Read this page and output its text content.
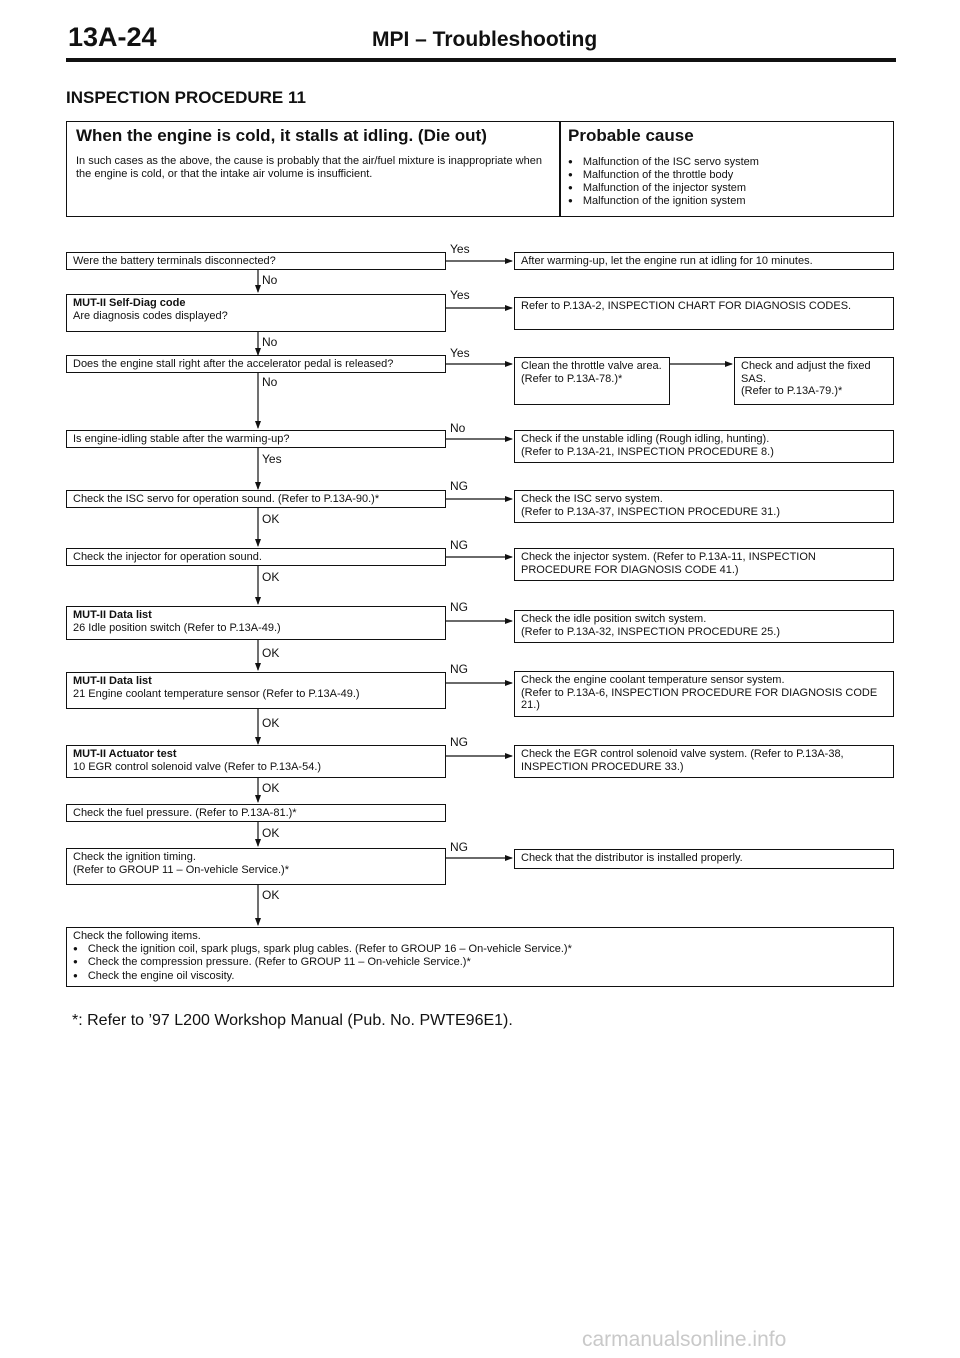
13A-24	MPI – Troubleshooting
INSPECTION PROCEDURE 11
When the engine is cold, it stalls at idling. (Die out)
In such cases as the above, the cause is probably that the air/fuel mixture is inappropriate when the engine is cold, or that the intake air volume is insufficient.
Probable cause
● Malfunction of the ISC servo system
● Malfunction of the throttle body
● Malfunction of the injector system
● Malfunction of the ignition system
Yes
No
Yes
No
Yes
No
No
Yes
NG
OK
NG
OK
NG
OK
NG
OK
NG
OK
OK
NG
OK
Were the battery terminals disconnected?
MUT-II Self-Diag code
Are diagnosis codes displayed?
Does the engine stall right after the accelerator pedal is released?
Is engine-idling stable after the warming-up?
Check the ISC servo for operation sound. (Refer to P.13A-90.)*
Check the injector for operation sound.
MUT-II Data list
26 Idle position switch (Refer to P.13A-49.)
MUT-II Data list
21 Engine coolant temperature sensor (Refer to P.13A-49.)
MUT-II Actuator test
10 EGR control solenoid valve (Refer to P.13A-54.)
Check the fuel pressure. (Refer to P.13A-81.)*
Check the ignition timing.
(Refer to GROUP 11 – On-vehicle Service.)*
After warming-up, let the engine run at idling for 10 minutes.
Refer to P.13A-2, INSPECTION CHART FOR DIAGNOSIS CODES.
Clean the throttle valve area.
(Refer to P.13A-78.)*
Check and adjust the fixed SAS.
(Refer to P.13A-79.)*
Check if the unstable idling (Rough idling, hunting).
(Refer to P.13A-21, INSPECTION PROCEDURE 8.)
Check the ISC servo system.
(Refer to P.13A-37, INSPECTION PROCEDURE 31.)
Check the injector system. (Refer to P.13A-11, INSPECTION PROCEDURE FOR DIAGNOSIS CODE 41.)
Check the idle position switch system.
(Refer to P.13A-32, INSPECTION PROCEDURE 25.)
Check the engine coolant temperature sensor system.
(Refer to P.13A-6, INSPECTION PROCEDURE FOR DIAGNOSIS CODE 21.)
Check the EGR control solenoid valve system. (Refer to P.13A-38, INSPECTION PROCEDURE 33.)
Check that the distributor is installed properly.
Check the following items.
● Check the ignition coil, spark plugs, spark plug cables. (Refer to GROUP 16 – On-vehicle Service.)*
● Check the compression pressure. (Refer to GROUP 11 – On-vehicle Service.)*
● Check the engine oil viscosity.
*: Refer to ’97 L200 Workshop Manual (Pub. No. PWTE96E1).
carmanualsonline.info
